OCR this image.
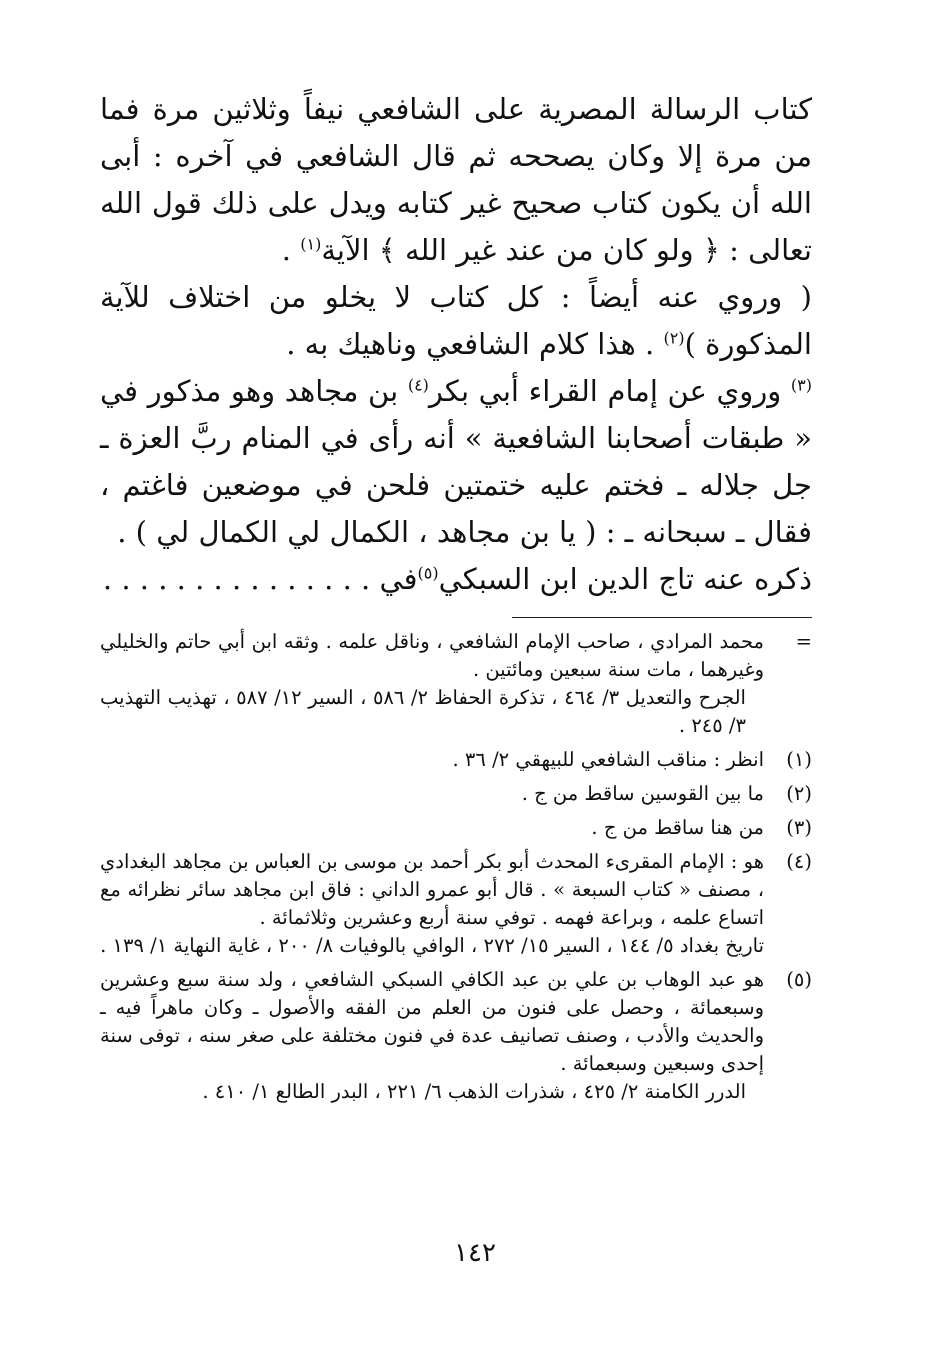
كتاب الرسالة المصرية على الشافعي نيفاً وثلاثين مرة فما من مرة إلا وكان يصححه ثم قال الشافعي في آخره : أبى الله أن يكون كتاب صحيح غير كتابه ويدل على ذلك قول الله تعالى : ﴿ ولو كان من عند غير الله ﴾ الآية$^{(١)}$ .

( وروي عنه أيضاً : كل كتاب لا يخلو من اختلاف للآية المذكورة )$^{(٢)}$ . هذا كلام الشافعي وناهيك به .

$^{(٣)}$ وروي عن إمام القراء أبي بكر$^{(٤)}$ بن مجاهد وهو مذكور في « طبقات أصحابنا الشافعية » أنه رأى في المنام ربَّ العزة ـ جل جلاله ـ فختم عليه ختمتين فلحن في موضعين فاغتم ، فقال ـ سبحانه ـ : ( يا بن مجاهد ، الكمال لي الكمال لي ) .

ذكره عنه تاج الدين ابن السبكي$^{(٥)}$في . . . . . . . . . . . . . . .

=

محمد المرادي ، صاحب الإمام الشافعي ، وناقل علمه . وثقه ابن أبي حاتم والخليلي وغيرهما ، مات سنة سبعين ومائتين .

الجرح والتعديل ٣/ ٤٦٤ ، تذكرة الحفاظ ٢/ ٥٨٦ ، السير ١٢/ ٥٨٧ ، تهذيب التهذيب ٣/ ٢٤٥ .

(١)

انظر : مناقب الشافعي للبيهقي ٢/ ٣٦ .

(٢)

ما بين القوسين ساقط من ج .

(٣)

من هنا ساقط من ج .

(٤)

هو : الإمام المقرىء المحدث أبو بكر أحمد بن موسى بن العباس بن مجاهد البغدادي ، مصنف « كتاب السبعة » . قال أبو عمرو الداني : فاق ابن مجاهد سائر نظرائه مع اتساع علمه ، وبراعة فهمه . توفي سنة أربع وعشرين وثلاثمائة .

تاريخ بغداد ٥/ ١٤٤ ، السير ١٥/ ٢٧٢ ، الوافي بالوفيات ٨/ ٢٠٠ ، غاية النهاية ١/ ١٣٩ .

(٥)

هو عبد الوهاب بن علي بن عبد الكافي السبكي الشافعي ، ولد سنة سبع وعشرين وسبعمائة ، وحصل على فنون من العلم من الفقه والأصول ـ وكان ماهراً فيه ـ والحديث والأدب ، وصنف تصانيف عدة في فنون مختلفة على صغر سنه ، توفى سنة إحدى وسبعين وسبعمائة .

الدرر الكامنة ٢/ ٤٢٥ ، شذرات الذهب ٦/ ٢٢١ ، البدر الطالع ١/ ٤١٠ .

١٤٢
